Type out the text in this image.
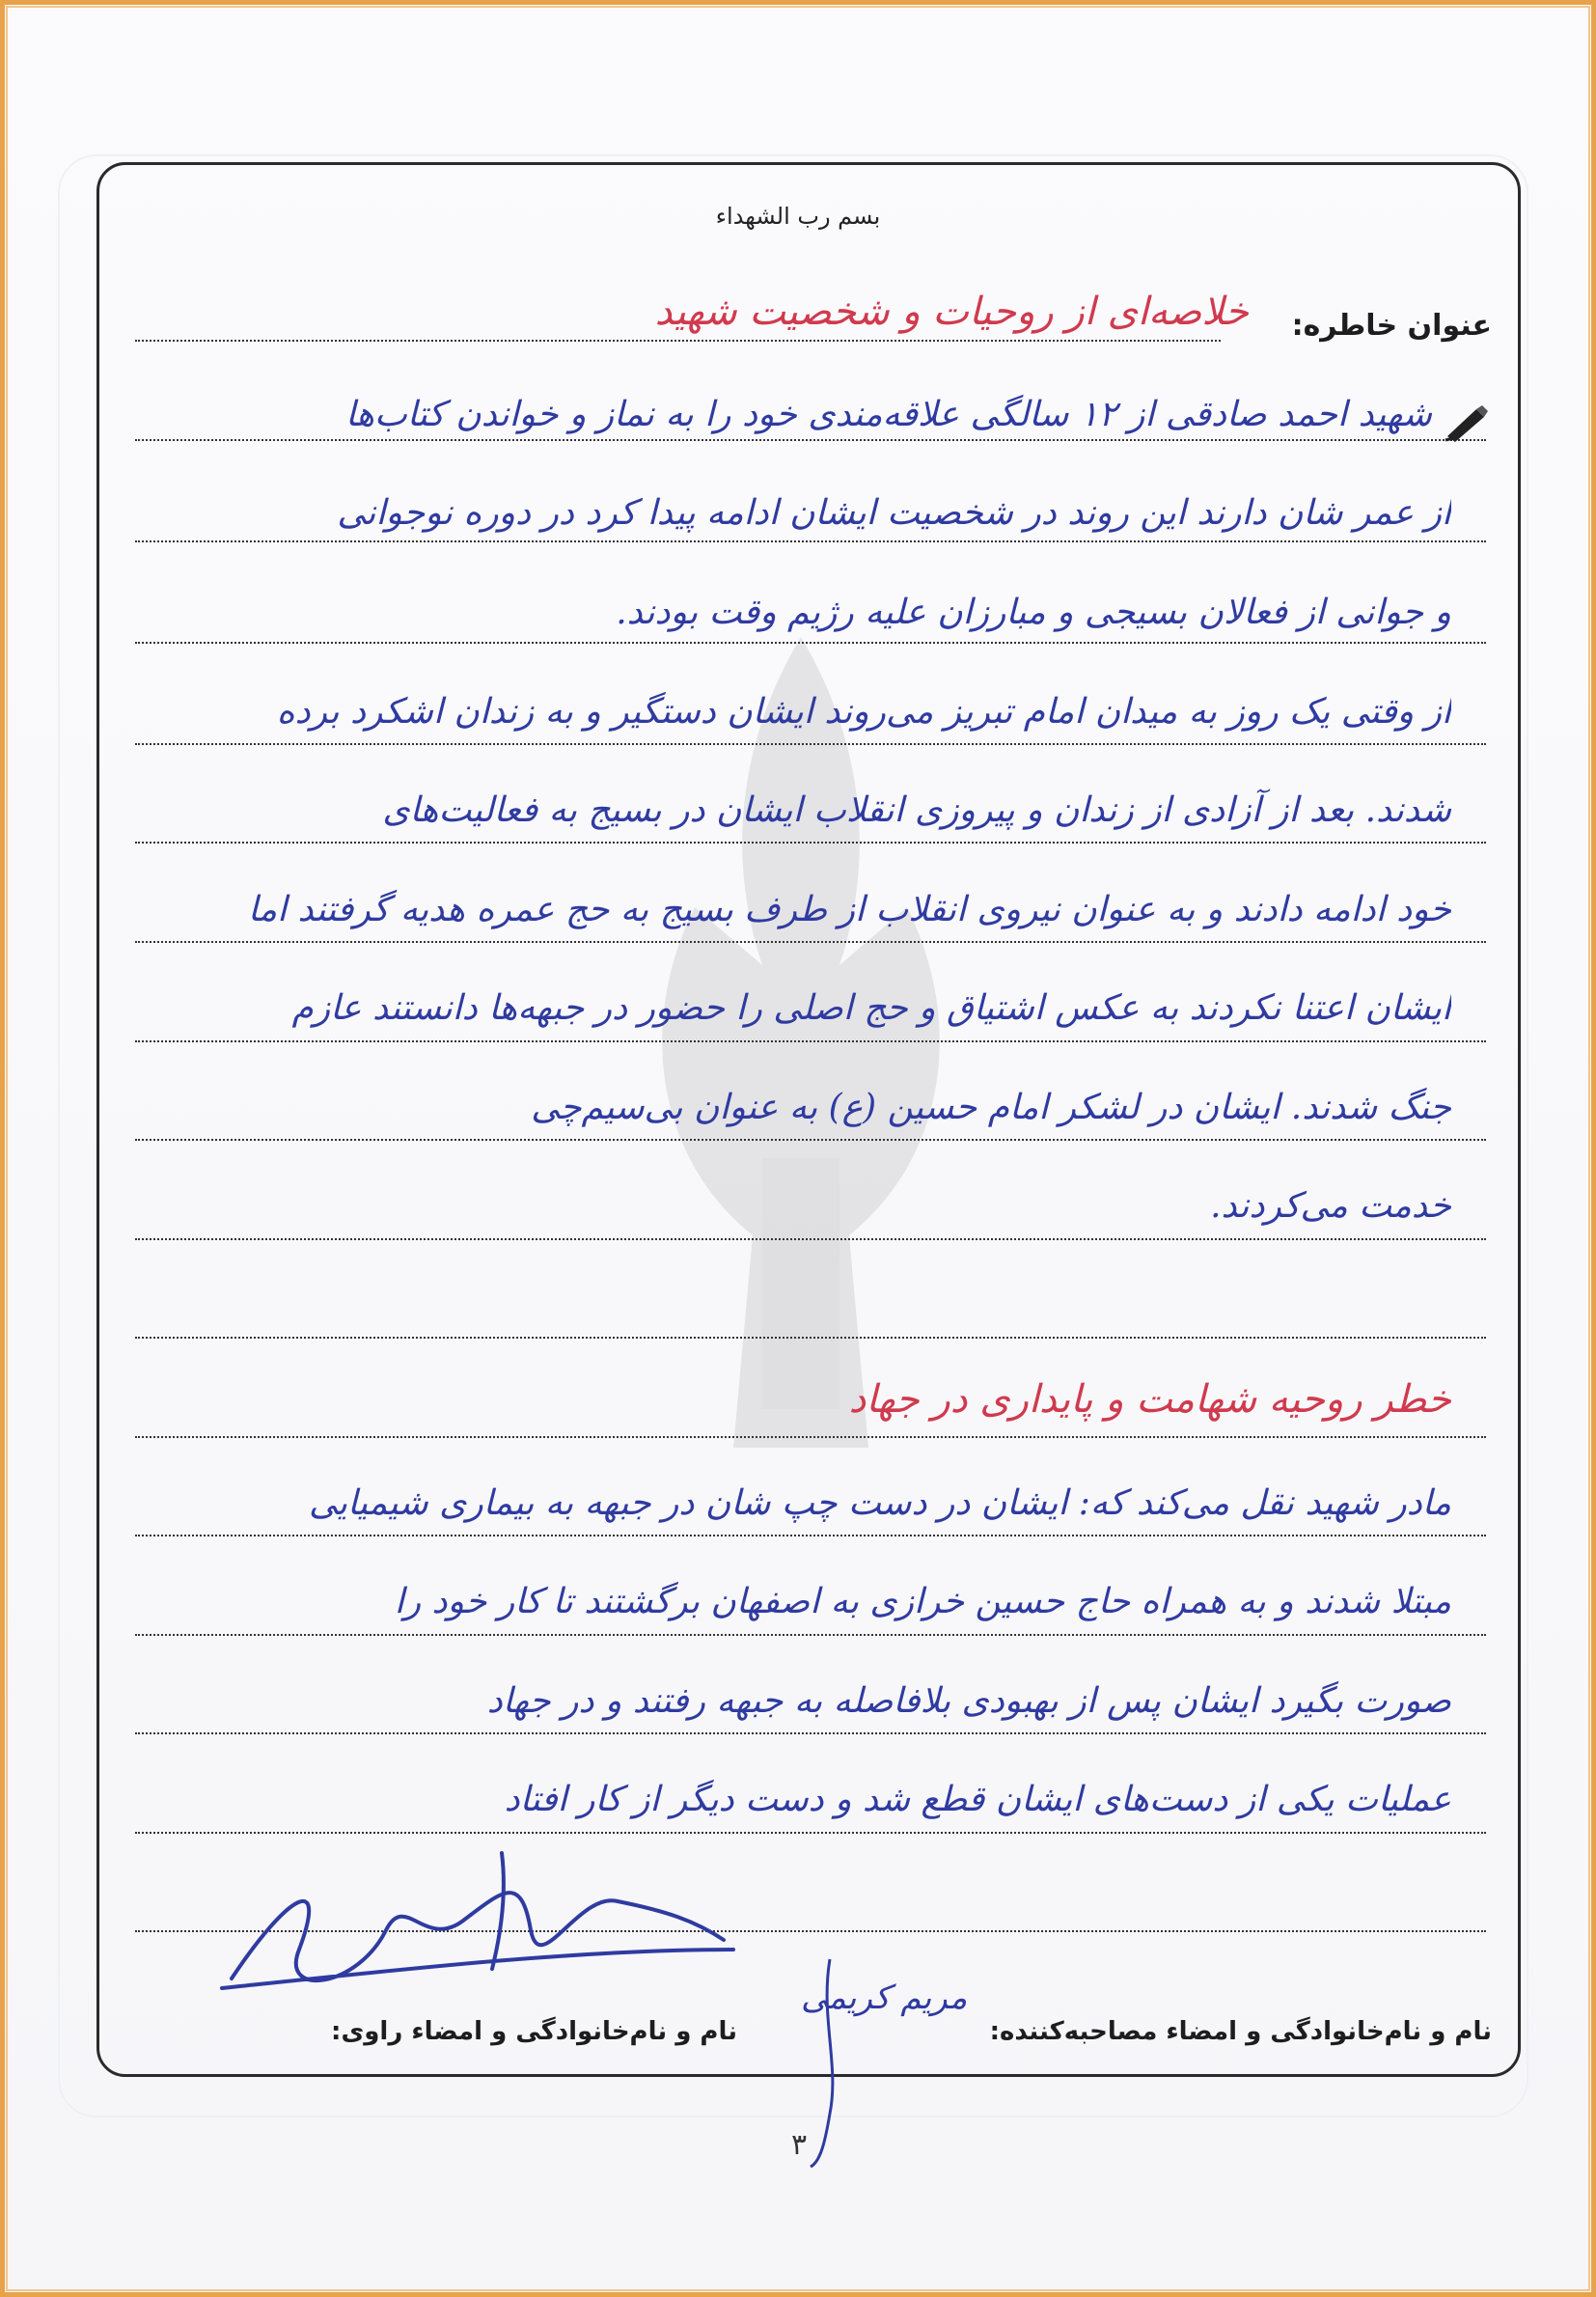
بسم رب الشهداء
عنوان خاطره:
خلاصه‌ای از روحیات و شخصیت شهید
شهید احمد صادقی از ۱۲ سالگی علاقه‌مندی خود را به نماز و خواندن کتاب‌ها
از عمر شان دارند این روند در شخصیت ایشان ادامه پیدا کرد در دوره نوجوانی
و جوانی از فعالان بسیجی و مبارزان علیه رژیم وقت بودند.
از وقتی یک روز به میدان امام تبریز می‌روند ایشان دستگیر و به زندان اشکرد برده
شدند. بعد از آزادی از زندان و پیروزی انقلاب ایشان در بسیج به فعالیت‌های
خود ادامه دادند و به عنوان نیروی انقلاب از طرف بسیج به حج عمره هدیه گرفتند اما
ایشان اعتنا نکردند به عکس اشتیاق و حج اصلی را حضور در جبهه‌ها دانستند عازم
جنگ شدند. ایشان در لشکر امام حسین (ع) به عنوان بی‌سیم‌چی
خدمت می‌کردند.
خطر روحیه شهامت و پایداری در جهاد
مادر شهید نقل می‌کند که: ایشان در دست چپ شان در جبهه به بیماری شیمیایی
مبتلا شدند و به همراه حاج حسین خرازی به اصفهان برگشتند تا کار خود را
صورت بگیرد ایشان پس از بهبودی بلافاصله به جبهه رفتند و در جهاد
عملیات یکی از دست‌های ایشان قطع شد و دست دیگر از کار افتاد
مریم کریمی
نام و نام‌خانوادگی و امضاء مصاحبه‌کننده:
نام و نام‌خانوادگی و امضاء راوی:
۳
